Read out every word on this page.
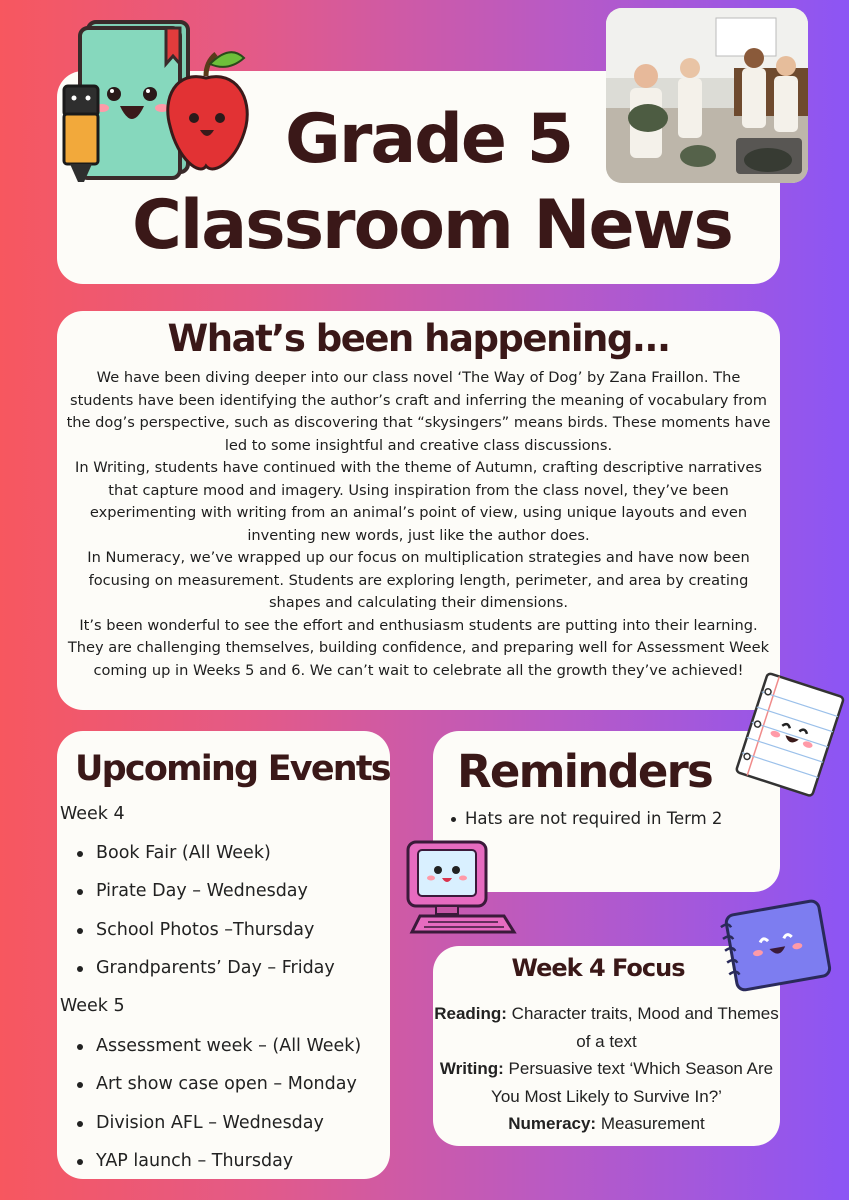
Grade 5
Classroom News
What’s been happening...

We have been diving deeper into our class novel ‘The Way of Dog’ by Zana Fraillon. The students have been identifying the author’s craft and inferring the meaning of vocabulary from the dog’s perspective, such as discovering that “skysingers” means birds. These moments have led to some insightful and creative class discussions.

In Writing, students have continued with the theme of Autumn, crafting descriptive narratives that capture mood and imagery. Using inspiration from the class novel, they’ve been experimenting with writing from an animal’s point of view, using unique layouts and even inventing new words, just like the author does.

In Numeracy, we’ve wrapped up our focus on multiplication strategies and have now been focusing on measurement. Students are exploring length, perimeter, and area by creating shapes and calculating their dimensions.

It’s been wonderful to see the effort and enthusiasm students are putting into their learning. They are challenging themselves, building confidence, and preparing well for Assessment Week coming up in Weeks 5 and 6. We can’t wait to celebrate all the growth they’ve achieved!

Upcoming Events
Week 4
Book Fair (All Week)
Pirate Day – Wednesday
School Photos –Thursday
Grandparents’ Day – Friday
Week 5
Assessment week – (All Week)
Art show case open – Monday
Division AFL – Wednesday
YAP launch – Thursday
Reminders
Hats are not required in Term 2
Week 4 Focus
Reading: Character traits, Mood and Themes of a text
Writing: Persuasive text ‘Which Season Are You Most Likely to Survive In?’
Numeracy: Measurement
